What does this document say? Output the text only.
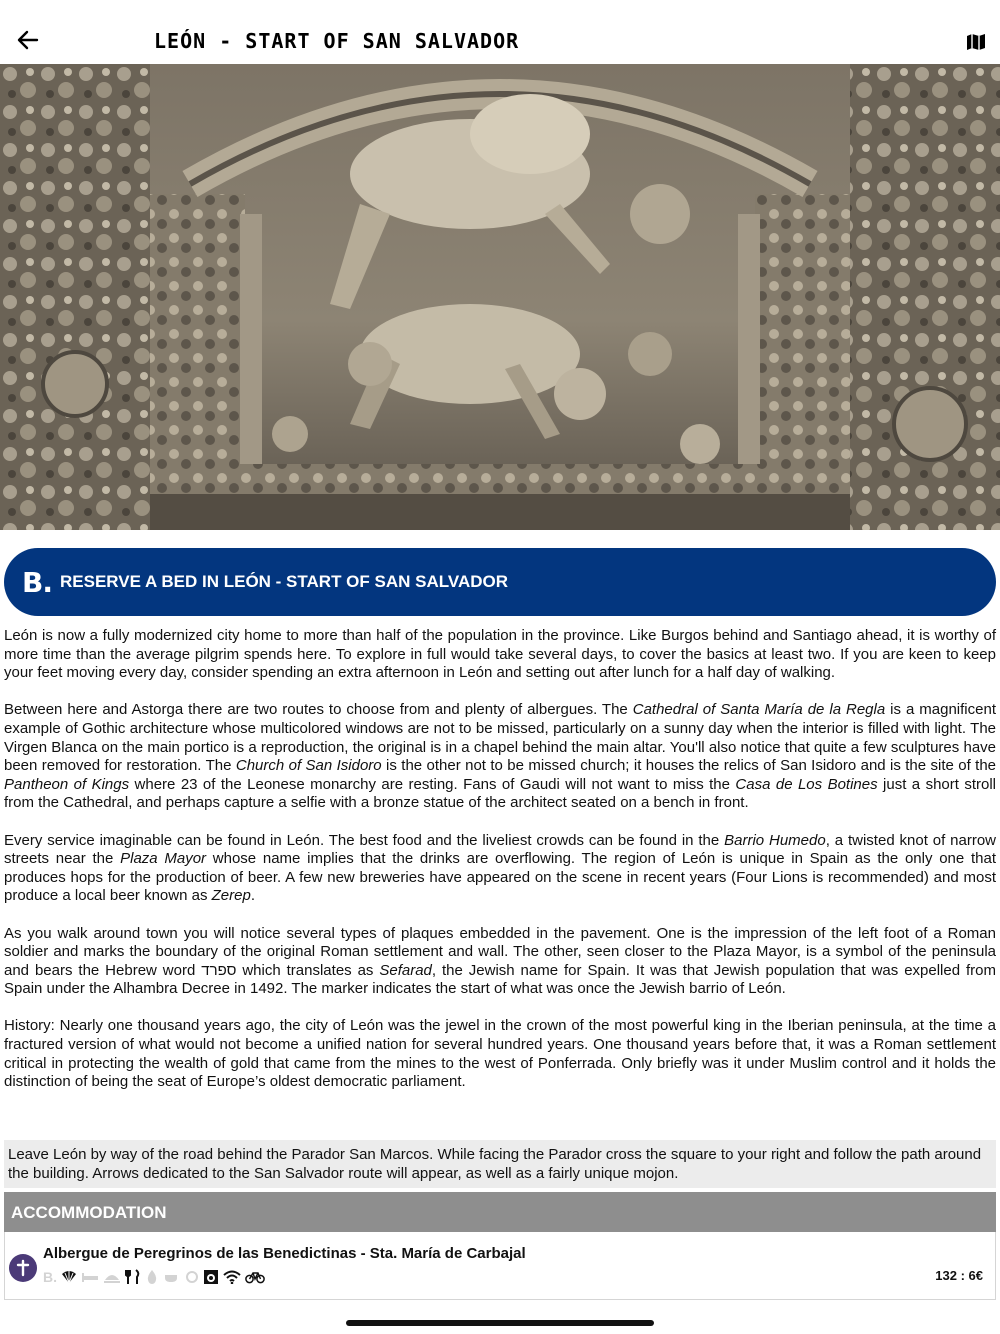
LEÓN - START OF SAN SALVADOR
B. RESERVE A BED IN LEÓN - START OF SAN SALVADOR

León is now a fully modernized city home to more than half of the population in the province. Like Burgos behind and Santiago ahead, it is worthy of more time than the average pilgrim spends here. To explore in full would take several days, to cover the basics at least two. If you are keen to keep your feet moving every day, consider spending an extra afternoon in León and setting out after lunch for a half day of walking.

Between here and Astorga there are two routes to choose from and plenty of albergues. The Cathedral of Santa María de la Regla is a magnificent example of Gothic architecture whose multicolored windows are not to be missed, particularly on a sunny day when the interior is filled with light. The Virgen Blanca on the main portico is a reproduction, the original is in a chapel behind the main altar. You'll also notice that quite a few sculptures have been removed for restoration. The Church of San Isidoro is the other not to be missed church; it houses the relics of San Isidoro and is the site of the Pantheon of Kings where 23 of the Leonese monarchy are resting. Fans of Gaudi will not want to miss the Casa de Los Botines just a short stroll from the Cathedral, and perhaps capture a selfie with a bronze statue of the architect seated on a bench in front.

Every service imaginable can be found in León. The best food and the liveliest crowds can be found in the Barrio Humedo, a twisted knot of narrow streets near the Plaza Mayor whose name implies that the drinks are overflowing. The region of León is unique in Spain as the only one that produces hops for the production of beer. A few new breweries have appeared on the scene in recent years (Four Lions is recommended) and most produce a local beer known as Zerep.

As you walk around town you will notice several types of plaques embedded in the pavement. One is the impression of the left foot of a Roman soldier and marks the boundary of the original Roman settlement and wall. The other, seen closer to the Plaza Mayor, is a symbol of the peninsula and bears the Hebrew word ספרד which translates as Sefarad, the Jewish name for Spain. It was that Jewish population that was expelled from Spain under the Alhambra Decree in 1492. The marker indicates the start of what was once the Jewish barrio of León.

History: Nearly one thousand years ago, the city of León was the jewel in the crown of the most powerful king in the Iberian peninsula, at the time a fractured version of what would not become a unified nation for several hundred years. One thousand years before that, it was a Roman settlement critical in protecting the wealth of gold that came from the mines to the west of Ponferrada. Only briefly was it under Muslim control and it holds the distinction of being the seat of Europe’s oldest democratic parliament.

Leave León by way of the road behind the Parador San Marcos. While facing the Parador cross the square to your right and follow the path around the building. Arrows dedicated to the San Salvador route will appear, as well as a fairly unique mojon.
ACCOMMODATION
Albergue de Peregrinos de las Benedictinas - Sta. María de Carbajal
B.	132 : 6€
